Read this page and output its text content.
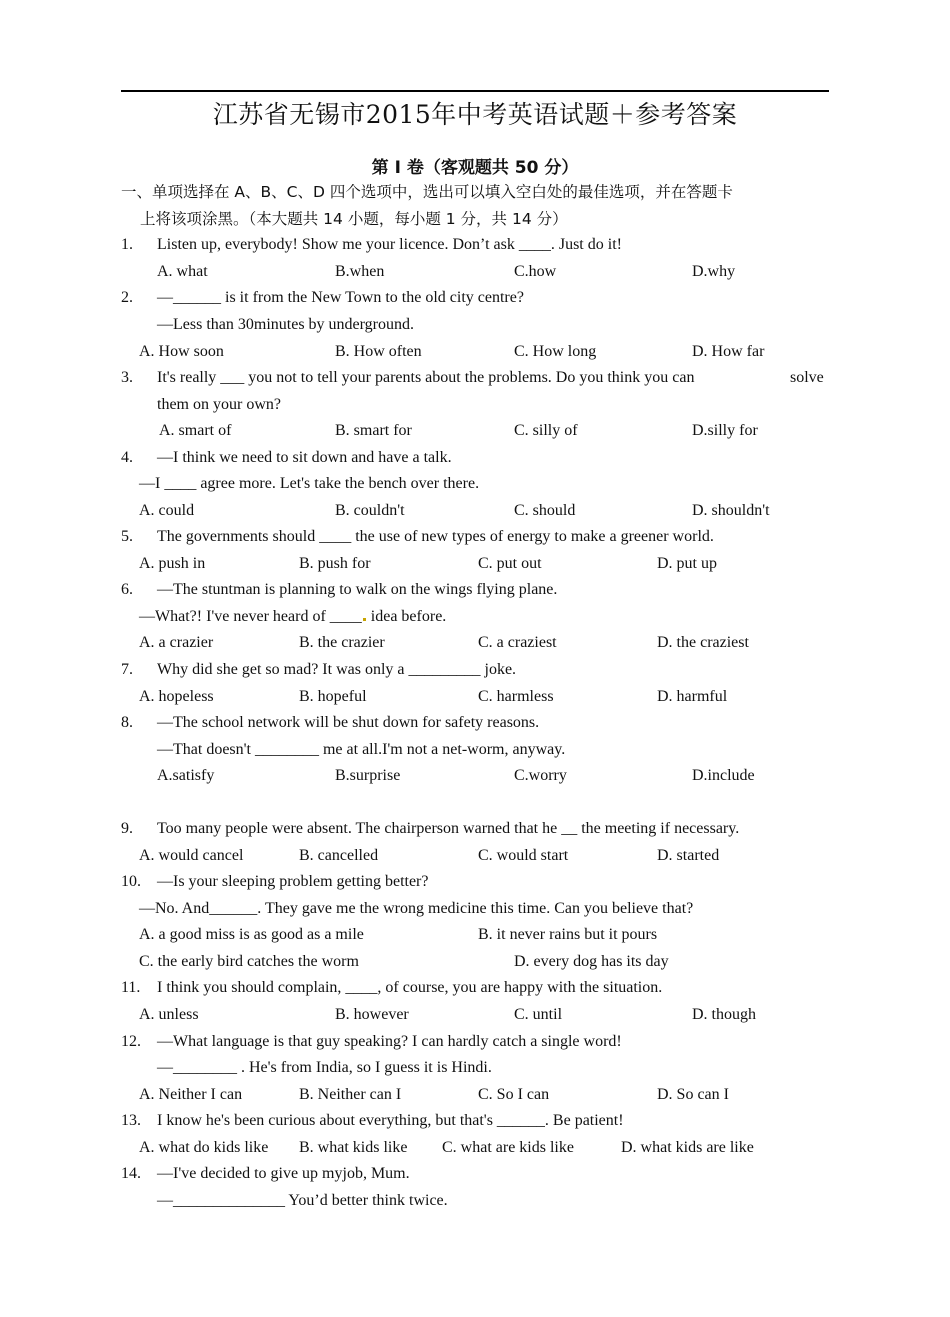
江苏省无锡市2015年中考英语试题＋参考答案
第 I 卷（客观题共 50 分）
一、单项选择在 A、B、C、D 四个选项中，选出可以填入空白处的最佳选项，并在答题卡
上将该项涂黑。（本大题共 14 小题，每小题 1 分，共 14 分）
1. Listen up, everybody! Show me your licence. Don’t ask ____. Just do it!
A. what	B.when	C.how	D.why
2. —______ is it from the New Town to the old city centre?
—Less than 30minutes by underground.
A. How soon	B. How often	C. How long	D. How far
3. It's really ___ you not to tell your parents about the problems. Do you think you can	solve
them on your own?
A. smart of	B. smart for	C. silly of	D.silly for
4. —I think we need to sit down and have a talk.
—I ____ agree more. Let's take the bench over there.
A. could	B. couldn't	C. should	D. shouldn't
5. The governments should ____ the use of new types of energy to make a greener world.
A. push in	B. push for	C. put out	D. put up
6. —The stuntman is planning to walk on the wings flying plane.
—What?! I've never heard of ____ idea before.
A. a crazier	B. the crazier	C. a craziest	D. the craziest
7. Why did she get so mad? It was only a _________ joke.
A. hopeless	B. hopeful	C. harmless	D. harmful
8. —The school network will be shut down for safety reasons.
—That doesn't ________ me at all.I'm not a net-worm, anyway.
A.satisfy	B.surprise	C.worry	D.include
9. Too many people were absent. The chairperson warned that he __ the meeting if necessary.
A. would cancel	B. cancelled	C. would start	D. started
10. —Is your sleeping problem getting better?
—No. And______. They gave me the wrong medicine this time. Can you believe that?
A. a good miss is as good as a mile	B. it never rains but it pours
C. the early bird catches the worm	D. every dog has its day
11. I think you should complain, ____, of course, you are happy with the situation.
A. unless	B. however	C. until	D. though
12. —What language is that guy speaking? I can hardly catch a single word!
—________ . He's from India, so I guess it is Hindi.
A. Neither I can	B. Neither can I	C. So I can	D. So can I
13. I know he's been curious about everything, but that's ______. Be patient!
A. what do kids like B. what kids like C. what are kids like	D. what kids are like
14. —I've decided to give up myjob, Mum.
—______________ You’d better think twice.
